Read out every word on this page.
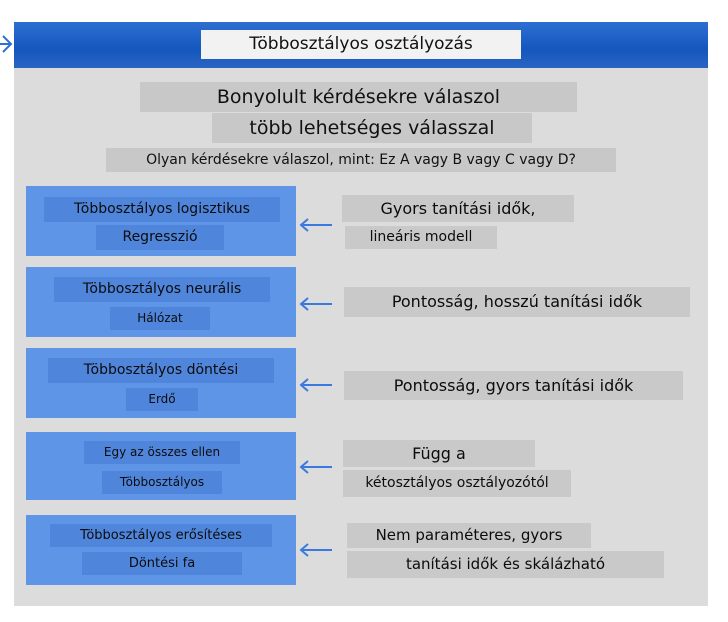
Többosztályos osztályozás
Bonyolult kérdésekre válaszol
több lehetséges válasszal
Olyan kérdésekre válaszol, mint: Ez A vagy B vagy C vagy D?
Többosztályos logisztikus
Regresszió
Gyors tanítási idők,
lineáris modell
Többosztályos neurális
Hálózat
Pontosság, hosszú tanítási idők
Többosztályos döntési
Erdő
Pontosság, gyors tanítási idők
Egy az összes ellen
Többosztályos
Függ a
kétosztályos osztályozótól
Többosztályos erősítéses
Döntési fa
Nem paraméteres, gyors
tanítási idők és skálázható
